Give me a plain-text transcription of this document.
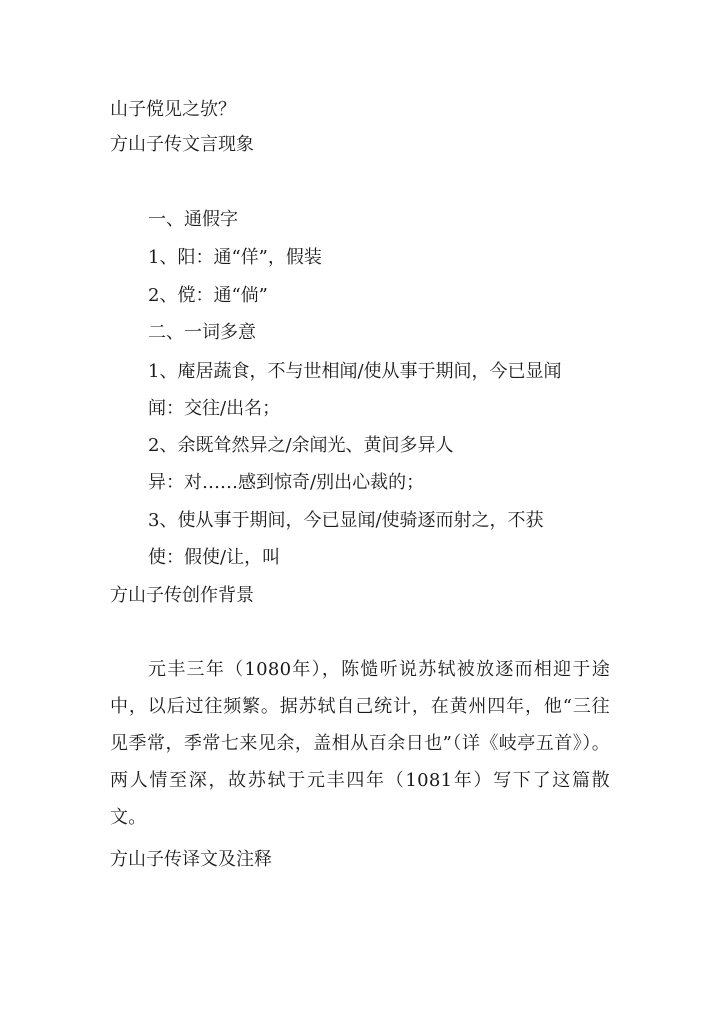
山子傥见之欤？
方山子传文言现象
一、通假字
1、阳：通“佯”，假装
2、傥：通“倘”
二、一词多意
1、庵居蔬食，不与世相闻/使从事于期间，今已显闻
闻：交往/出名；
2、余既耸然异之/余闻光、黄间多异人
异：对……感到惊奇/别出心裁的；
3、使从事于期间，今已显闻/使骑逐而射之，不获
使：假使/让，叫
方山子传创作背景
元丰三年（1080年），陈慥听说苏轼被放逐而相迎于途中，以后过往频繁。据苏轼自己统计，在黄州四年，他“三往见季常，季常七来见余，盖相从百余日也”（详《岐亭五首》）。两人情至深，故苏轼于元丰四年（1081年）写下了这篇散文。
方山子传译文及注释
